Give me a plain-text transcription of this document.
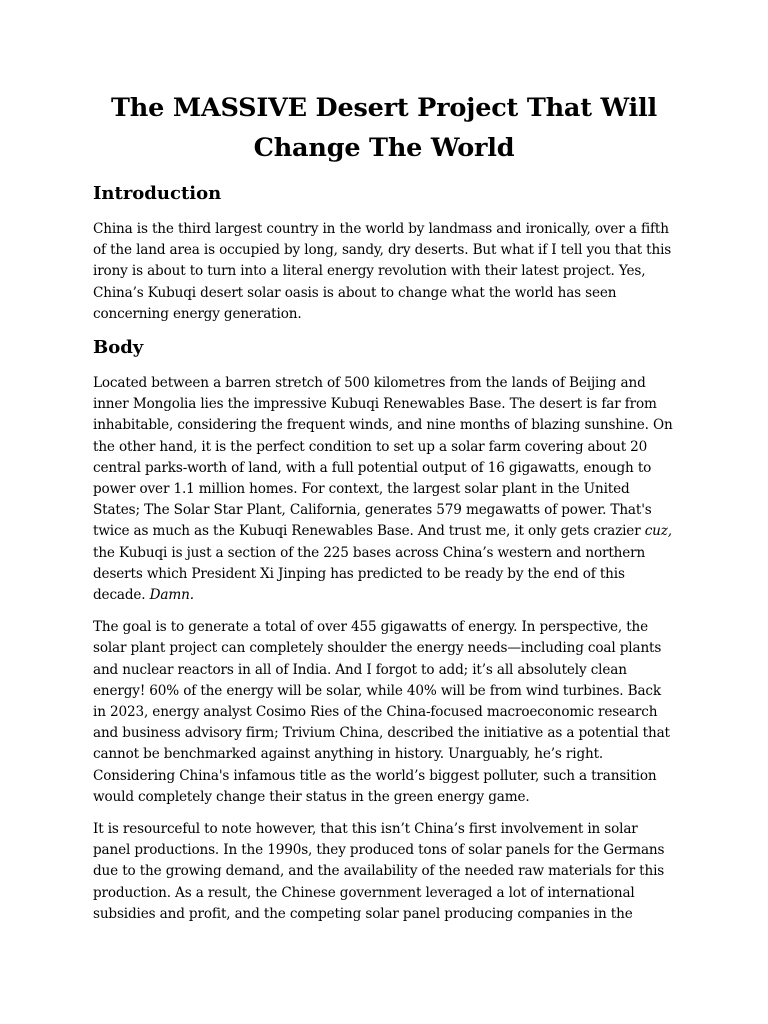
The MASSIVE Desert Project That Will Change The World
Introduction

China is the third largest country in the world by landmass and ironically, over a fifth of the land area is occupied by long, sandy, dry deserts. But what if I tell you that this irony is about to turn into a literal energy revolution with their latest project. Yes, China’s Kubuqi desert solar oasis is about to change what the world has seen concerning energy generation.

Body

Located between a barren stretch of 500 kilometres from the lands of Beijing and inner Mongolia lies the impressive Kubuqi Renewables Base. The desert is far from inhabitable, considering the frequent winds, and nine months of blazing sunshine. On the other hand, it is the perfect condition to set up a solar farm covering about 20 central parks-worth of land, with a full potential output of 16 gigawatts, enough to power over 1.1 million homes. For context, the largest solar plant in the United States; The Solar Star Plant, California, generates 579 megawatts of power. That's twice as much as the Kubuqi Renewables Base. And trust me, it only gets crazier cuz, the Kubuqi is just a section of the 225 bases across China’s western and northern deserts which President Xi Jinping has predicted to be ready by the end of this decade. Damn.

The goal is to generate a total of over 455 gigawatts of energy. In perspective, the solar plant project can completely shoulder the energy needs—including coal plants and nuclear reactors in all of India. And I forgot to add; it’s all absolutely clean energy! 60% of the energy will be solar, while 40% will be from wind turbines. Back in 2023, energy analyst Cosimo Ries of the China-focused macroeconomic research and business advisory firm; Trivium China, described the initiative as a potential that cannot be benchmarked against anything in history. Unarguably, he’s right. Considering China's infamous title as the world’s biggest polluter, such a transition would completely change their status in the green energy game.

It is resourceful to note however, that this isn’t China’s first involvement in solar panel productions. In the 1990s, they produced tons of solar panels for the Germans due to the growing demand, and the availability of the needed raw materials for this production. As a result, the Chinese government leveraged a lot of international subsidies and profit, and the competing solar panel producing companies in the
